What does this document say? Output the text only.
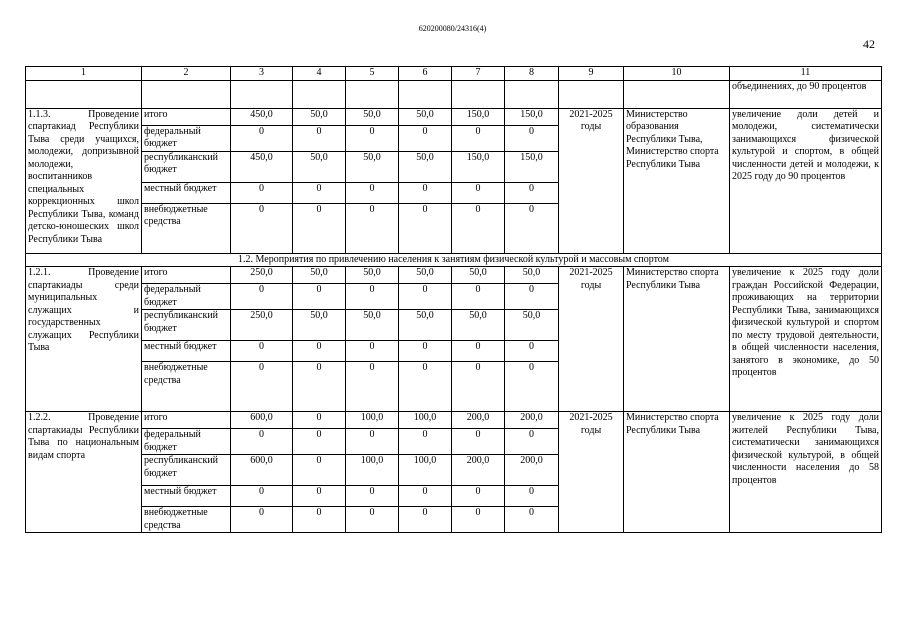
620200080/24316(4)
42
1	2	3	4	5	6	7	8	9	10	11
										объединениях, до 90 процентов
1.1.3. Проведение спартакиад Республики Тыва среди учащихся, молодежи, допризывной молодежи, воспитанников специальных коррекционных школ Республики Тыва, команд детско-юношеских школ Республики Тыва	итого	450,0	50,0	50,0	50,0	150,0	150,0	2021-2025 годы	Министерство образования Республики Тыва, Министерство спорта Республики Тыва	увеличение доли детей и молодежи, систематически занимающихся физической культурой и спортом, в общей численности детей и молодежи, к 2025 году до 90 процентов
	федеральный бюджет	0	0	0	0	0	0			
	республиканский бюджет	450,0	50,0	50,0	50,0	150,0	150,0			
	местный бюджет	0	0	0	0	0	0			
	внебюджетные средства	0	0	0	0	0	0			
1.2. Мероприятия по привлечению населения к занятиям физической культурой и массовым спортом										
1.2.1. Проведение спартакиады среди муниципальных служащих и государственных служащих Республики Тыва	итого	250,0	50,0	50,0	50,0	50,0	50,0	2021-2025 годы	Министерство спорта Республики Тыва	увеличение к 2025 году доли граждан Российской Федерации, проживающих на территории Республики Тыва, занимающихся физической культурой и спортом по месту трудовой деятельности, в общей численности населения, занятого в экономике, до 50 процентов
	федеральный бюджет	0	0	0	0	0	0			
	республиканский бюджет	250,0	50,0	50,0	50,0	50,0	50,0			
	местный бюджет	0	0	0	0	0	0			
	внебюджетные средства	0	0	0	0	0	0			
1.2.2. Проведение спартакиады Республики Тыва по национальным видам спорта	итого	600,0	0	100,0	100,0	200,0	200,0	2021-2025 годы	Министерство спорта Республики Тыва	увеличение к 2025 году доли жителей Республики Тыва, систематически занимающихся физической культурой, в общей численности населения до 58 процентов
	федеральный бюджет	0	0	0	0	0	0			
	республиканский бюджет	600,0	0	100,0	100,0	200,0	200,0			
	местный бюджет	0	0	0	0	0	0			
	внебюджетные средства	0	0	0	0	0	0			
